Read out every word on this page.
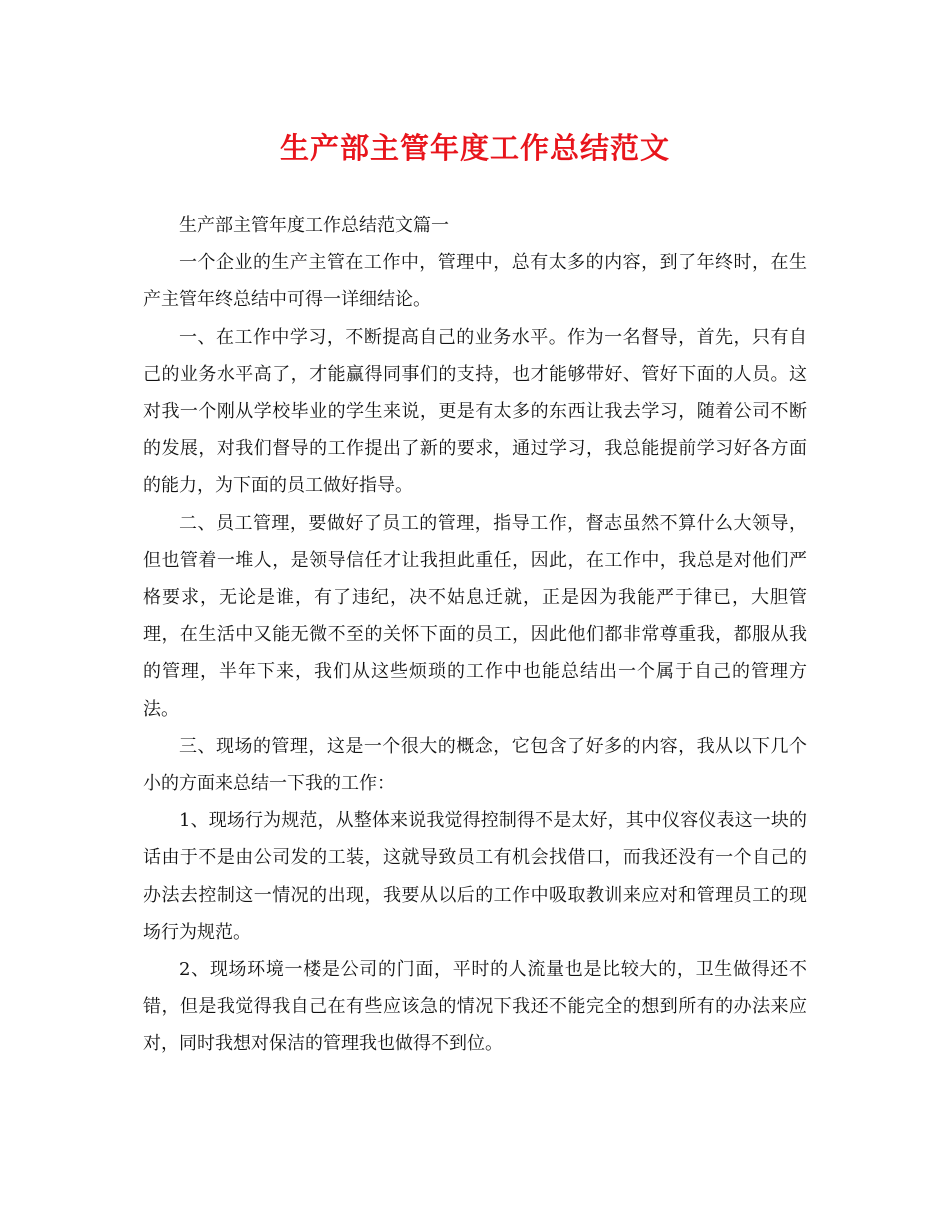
生产部主管年度工作总结范文

生产部主管年度工作总结范文篇一

一个企业的生产主管在工作中，管理中，总有太多的内容，到了年终时，在生产主管年终总结中可得一详细结论。

一、在工作中学习，不断提高自己的业务水平。作为一名督导，首先，只有自己的业务水平高了，才能赢得同事们的支持，也才能够带好、管好下面的人员。这对我一个刚从学校毕业的学生来说，更是有太多的东西让我去学习，随着公司不断的发展，对我们督导的工作提出了新的要求，通过学习，我总能提前学习好各方面的能力，为下面的员工做好指导。

二、员工管理，要做好了员工的管理，指导工作，督志虽然不算什么大领导，但也管着一堆人，是领导信任才让我担此重任，因此，在工作中，我总是对他们严格要求，无论是谁，有了违纪，决不姑息迁就，正是因为我能严于律已，大胆管理，在生活中又能无微不至的关怀下面的员工，因此他们都非常尊重我，都服从我的管理，半年下来，我们从这些烦琐的工作中也能总结出一个属于自己的管理方法。

三、现场的管理，这是一个很大的概念，它包含了好多的内容，我从以下几个小的方面来总结一下我的工作：

1、现场行为规范，从整体来说我觉得控制得不是太好，其中仪容仪表这一块的话由于不是由公司发的工装，这就导致员工有机会找借口，而我还没有一个自己的办法去控制这一情况的出现，我要从以后的工作中吸取教训来应对和管理员工的现场行为规范。

2、现场环境一楼是公司的门面，平时的人流量也是比较大的，卫生做得还不错，但是我觉得我自己在有些应该急的情况下我还不能完全的想到所有的办法来应对，同时我想对保洁的管理我也做得不到位。
